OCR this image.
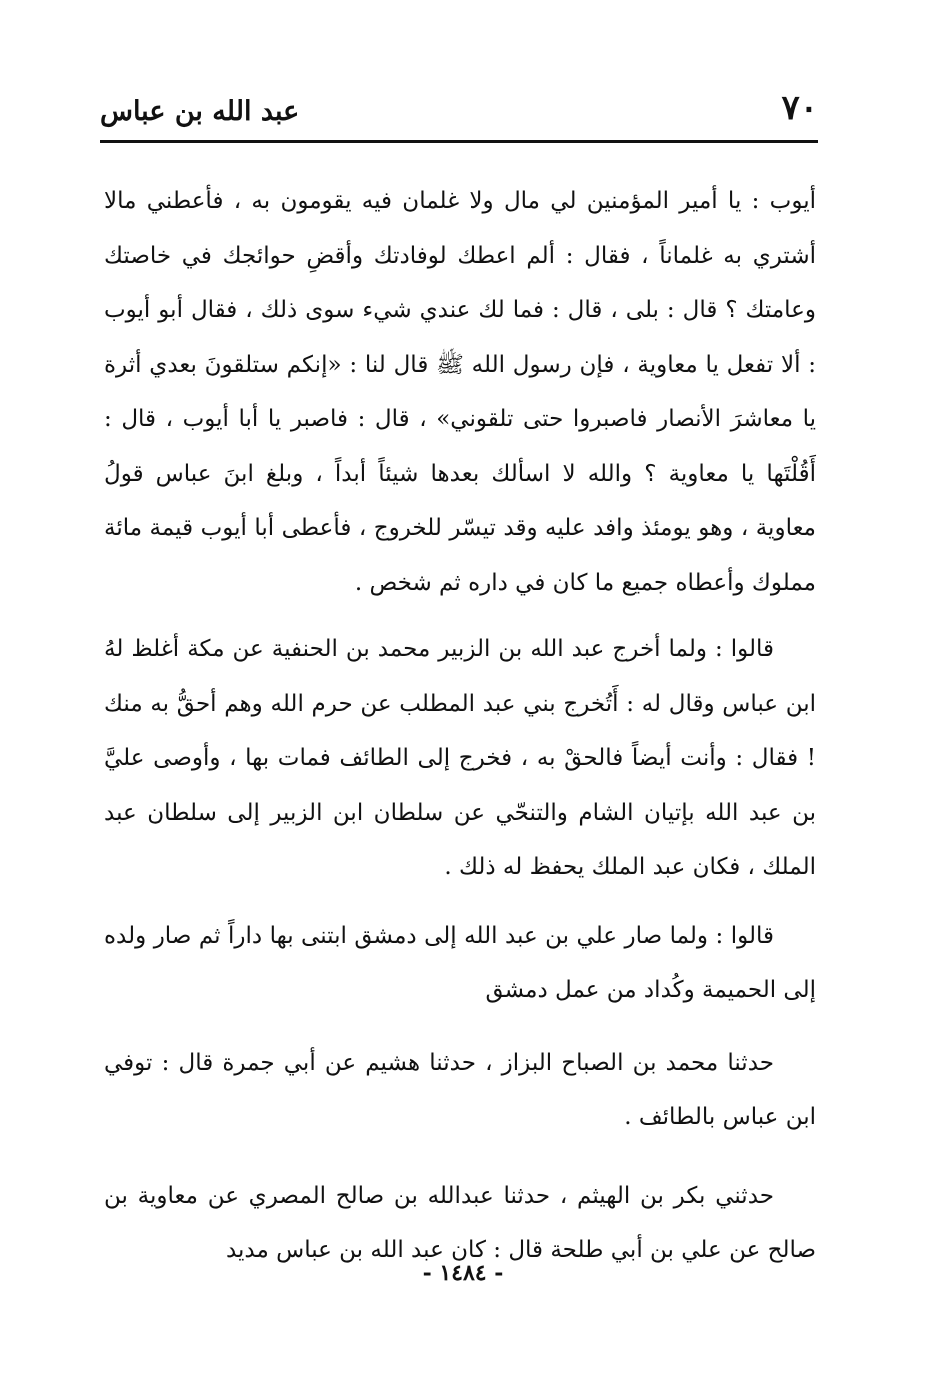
٧٠
عبد الله بن عباس

أيوب : يا أمير المؤمنين لي مال ولا غلمان فيه يقومون به ، فأعطني مالا أشتري به غلماناً ، فقال : ألم اعطك لوفادتك وأقضِ حوائجك في خاصتك وعامتك ؟ قال : بلى ، قال : فما لك عندي شيء سوى ذلك ، فقال أبو أيوب : ألا تفعل يا معاوية ، فإن رسول الله ﷺ قال لنا : «إنكم ستلقونَ بعدي أثرة يا معاشرَ الأنصار فاصبروا حتى تلقوني» ، قال : فاصبر يا أبا أيوب ، قال : أَقُلْتَها يا معاوية ؟ والله لا اسألك بعدها شيئاً أبداً ، وبلغ ابنَ عباس قولُ معاوية ، وهو يومئذ وافد عليه وقد تيسّر للخروج ، فأعطى أبا أيوب قيمة مائة مملوك وأعطاه جميع ما كان في داره ثم شخص .

قالوا : ولما أخرج عبد الله بن الزبير محمد بن الحنفية عن مكة أغلظ لهُ ابن عباس وقال له : أَتُخرج بني عبد المطلب عن حرم الله وهم أحقُّ به منك ! فقال : وأنت أيضاً فالحقْ به ، فخرج إلى الطائف فمات بها ، وأوصى عليَّ بن عبد الله بإتيان الشام والتنحّي عن سلطان ابن الزبير إلى سلطان عبد الملك ، فكان عبد الملك يحفظ له ذلك .

قالوا : ولما صار علي بن عبد الله إلى دمشق ابتنى بها داراً ثم صار ولده إلى الحميمة وكُداد من عمل دمشق

حدثنا محمد بن الصباح البزاز ، حدثنا هشيم عن أبي جمرة قال : توفي ابن عباس بالطائف .

حدثني بكر بن الهيثم ، حدثنا عبدالله بن صالح المصري عن معاوية بن صالح عن علي بن أبي طلحة قال : كان عبد الله بن عباس مديد

- ١٤٨٤ -
